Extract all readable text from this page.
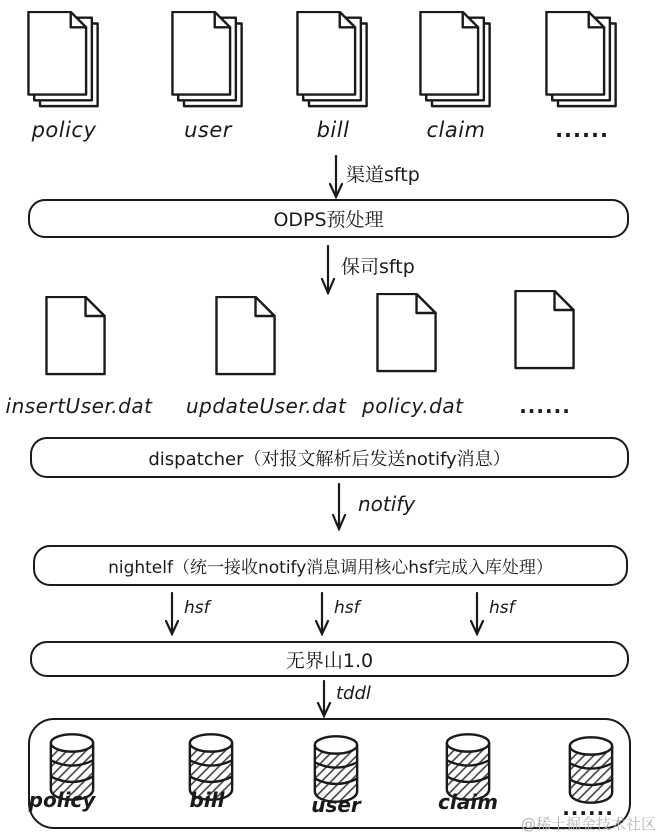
policy	user	bill	claim	......
渠道sftp
ODPS预处理
保司sftp
insertUser.dat updateUser.dat policy.dat	......
dispatcher（对报文解析后发送notify消息）
notify
nightelf（统一接收notify消息调用核心hsf完成入库处理）
hsf	hsf	hsf
无界山1.0
tddl
policy	bill	user	claim	......
@稀土掘金技术社区
